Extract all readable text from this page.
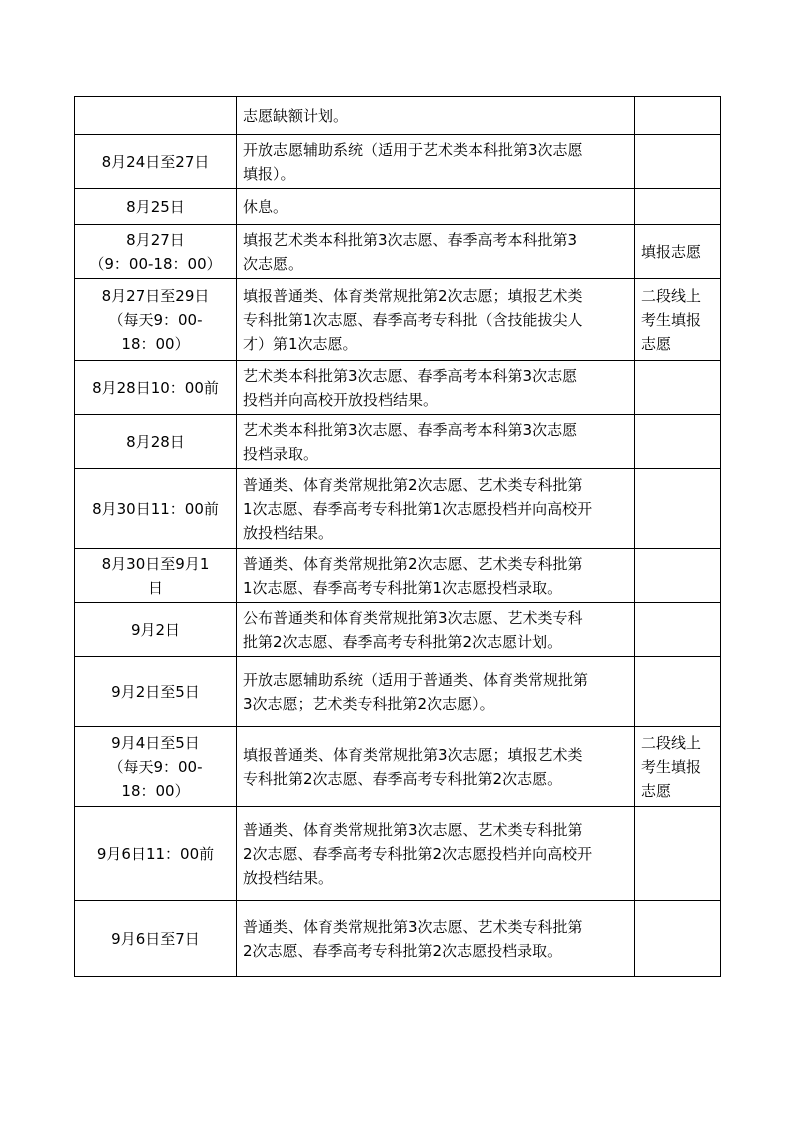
	志愿缺额计划。	

8月24日至27日	开放志愿辅助系统（适用于艺术类本科批第3次志愿
填报）。	

8月25日	休息。	

8月27日
（9：00-18：00）	填报艺术类本科批第3次志愿、春季高考本科批第3
次志愿。	填报志愿

8月27日至29日
（每天9：00-
18：00）	填报普通类、体育类常规批第2次志愿；填报艺术类
专科批第1次志愿、春季高考专科批（含技能拔尖人
才）第1次志愿。	二段线上
考生填报
志愿

8月28日10：00前	艺术类本科批第3次志愿、春季高考本科第3次志愿
投档并向高校开放投档结果。	

8月28日	艺术类本科批第3次志愿、春季高考本科第3次志愿
投档录取。	

8月30日11：00前	普通类、体育类常规批第2次志愿、艺术类专科批第
1次志愿、春季高考专科批第1次志愿投档并向高校开
放投档结果。	

8月30日至9月1
日	普通类、体育类常规批第2次志愿、艺术类专科批第
1次志愿、春季高考专科批第1次志愿投档录取。	

9月2日	公布普通类和体育类常规批第3次志愿、艺术类专科
批第2次志愿、春季高考专科批第2次志愿计划。	

9月2日至5日	开放志愿辅助系统（适用于普通类、体育类常规批第
3次志愿；艺术类专科批第2次志愿）。	

9月4日至5日
（每天9：00-
18：00）	填报普通类、体育类常规批第3次志愿；填报艺术类
专科批第2次志愿、春季高考专科批第2次志愿。	二段线上
考生填报
志愿

9月6日11：00前	普通类、体育类常规批第3次志愿、艺术类专科批第
2次志愿、春季高考专科批第2次志愿投档并向高校开
放投档结果。	

9月6日至7日	普通类、体育类常规批第3次志愿、艺术类专科批第
2次志愿、春季高考专科批第2次志愿投档录取。	
